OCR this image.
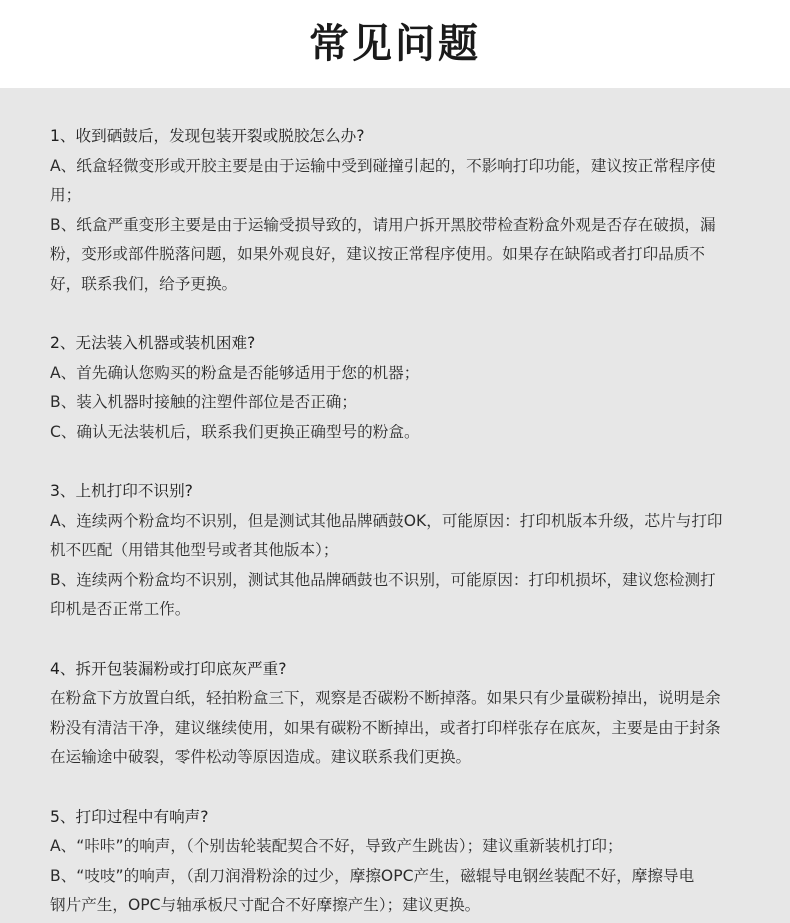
常见问题
1、收到硒鼓后，发现包装开裂或脱胶怎么办?
A、纸盒轻微变形或开胶主要是由于运输中受到碰撞引起的，不影响打印功能，建议按正常程序使
用；
B、纸盒严重变形主要是由于运输受损导致的，请用户拆开黑胶带检查粉盒外观是否存在破损，漏
粉，变形或部件脱落问题，如果外观良好，建议按正常程序使用。如果存在缺陷或者打印品质不
好，联系我们，给予更换。
2、无法装入机器或装机困难?
A、首先确认您购买的粉盒是否能够适用于您的机器；
B、装入机器时接触的注塑件部位是否正确；
C、确认无法装机后，联系我们更换正确型号的粉盒。
3、上机打印不识别?
A、连续两个粉盒均不识别，但是测试其他品牌硒鼓OK，可能原因：打印机版本升级，芯片与打印
机不匹配（用错其他型号或者其他版本）；
B、连续两个粉盒均不识别，测试其他品牌硒鼓也不识别，可能原因：打印机损坏，建议您检测打
印机是否正常工作。
4、拆开包装漏粉或打印底灰严重?
在粉盒下方放置白纸，轻拍粉盒三下，观察是否碳粉不断掉落。如果只有少量碳粉掉出，说明是余
粉没有清洁干净，建议继续使用，如果有碳粉不断掉出，或者打印样张存在底灰，主要是由于封条
在运输途中破裂，零件松动等原因造成。建议联系我们更换。
5、打印过程中有响声?
A、“咔咔”的响声，（个别齿轮装配契合不好，导致产生跳齿）；建议重新装机打印；
B、“吱吱”的响声，（刮刀润滑粉涂的过少，摩擦OPC产生，磁辊导电钢丝装配不好，摩擦导电
钢片产生，OPC与轴承板尺寸配合不好摩擦产生）；建议更换。
